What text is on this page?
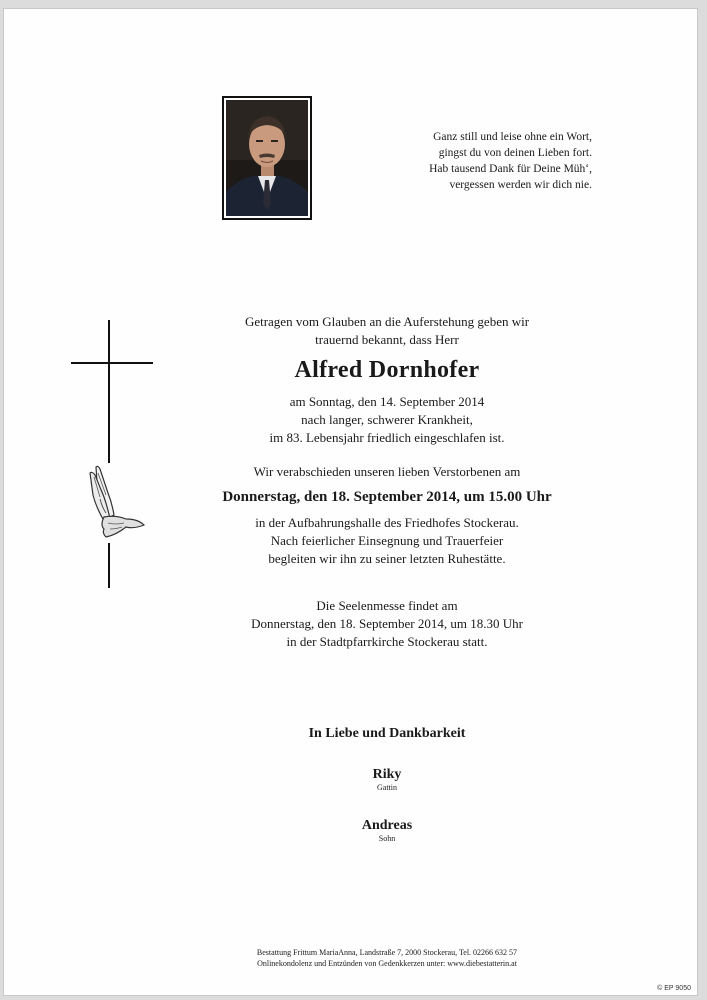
Ganz still und leise ohne ein Wort,
gingst du von deinen Lieben fort.
Hab tausend Dank für Deine Müh‘,
vergessen werden wir dich nie.
Getragen vom Glauben an die Auferstehung geben wir
trauernd bekannt, dass Herr
Alfred Dornhofer
am Sonntag, den 14. September 2014
nach langer, schwerer Krankheit,
im 83. Lebensjahr friedlich eingeschlafen ist.
Wir verabschieden unseren lieben Verstorbenen am
Donnerstag, den 18. September 2014, um 15.00 Uhr
in der Aufbahrungshalle des Friedhofes Stockerau.
Nach feierlicher Einsegnung und Trauerfeier
begleiten wir ihn zu seiner letzten Ruhestätte.
Die Seelenmesse findet am
Donnerstag, den 18. September 2014, um 18.30 Uhr
in der Stadtpfarrkirche Stockerau statt.
In Liebe und Dankbarkeit
Riky
Gattin
Andreas
Sohn
Bestattung Frittum MariaAnna, Landstraße 7, 2000 Stockerau, Tel. 02266 632 57
Onlinekondolenz und Entzünden von Gedenkkerzen unter: www.diebestatterin.at
© EP 9050
